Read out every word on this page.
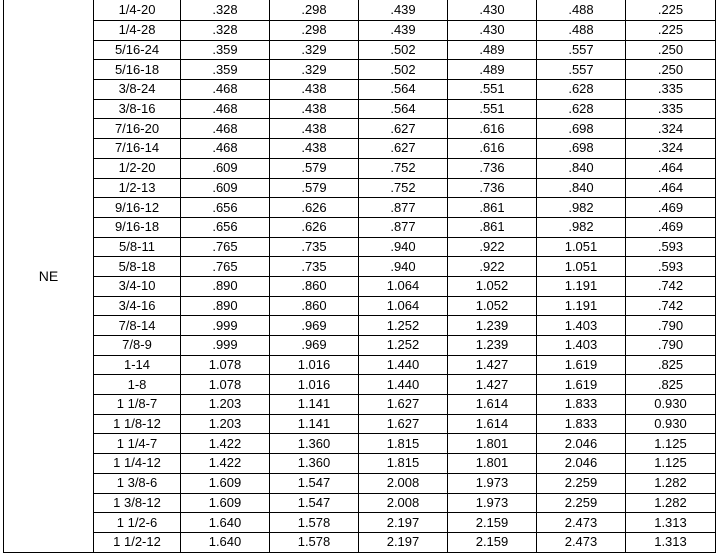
NE	1/4-20	.328	.298	.439	.430	.488	.225
	1/4-28	.328	.298	.439	.430	.488	.225
	5/16-24	.359	.329	.502	.489	.557	.250
	5/16-18	.359	.329	.502	.489	.557	.250
	3/8-24	.468	.438	.564	.551	.628	.335
	3/8-16	.468	.438	.564	.551	.628	.335
	7/16-20	.468	.438	.627	.616	.698	.324
	7/16-14	.468	.438	.627	.616	.698	.324
	1/2-20	.609	.579	.752	.736	.840	.464
	1/2-13	.609	.579	.752	.736	.840	.464
	9/16-12	.656	.626	.877	.861	.982	.469
	9/16-18	.656	.626	.877	.861	.982	.469
	5/8-11	.765	.735	.940	.922	1.051	.593
	5/8-18	.765	.735	.940	.922	1.051	.593
	3/4-10	.890	.860	1.064	1.052	1.191	.742
	3/4-16	.890	.860	1.064	1.052	1.191	.742
	7/8-14	.999	.969	1.252	1.239	1.403	.790
	7/8-9	.999	.969	1.252	1.239	1.403	.790
	1-14	1.078	1.016	1.440	1.427	1.619	.825
	1-8	1.078	1.016	1.440	1.427	1.619	.825
	1 1/8-7	1.203	1.141	1.627	1.614	1.833	0.930
	1 1/8-12	1.203	1.141	1.627	1.614	1.833	0.930
	1 1/4-7	1.422	1.360	1.815	1.801	2.046	1.125
	1 1/4-12	1.422	1.360	1.815	1.801	2.046	1.125
	1 3/8-6	1.609	1.547	2.008	1.973	2.259	1.282
	1 3/8-12	1.609	1.547	2.008	1.973	2.259	1.282
	1 1/2-6	1.640	1.578	2.197	2.159	2.473	1.313
	1 1/2-12	1.640	1.578	2.197	2.159	2.473	1.313
